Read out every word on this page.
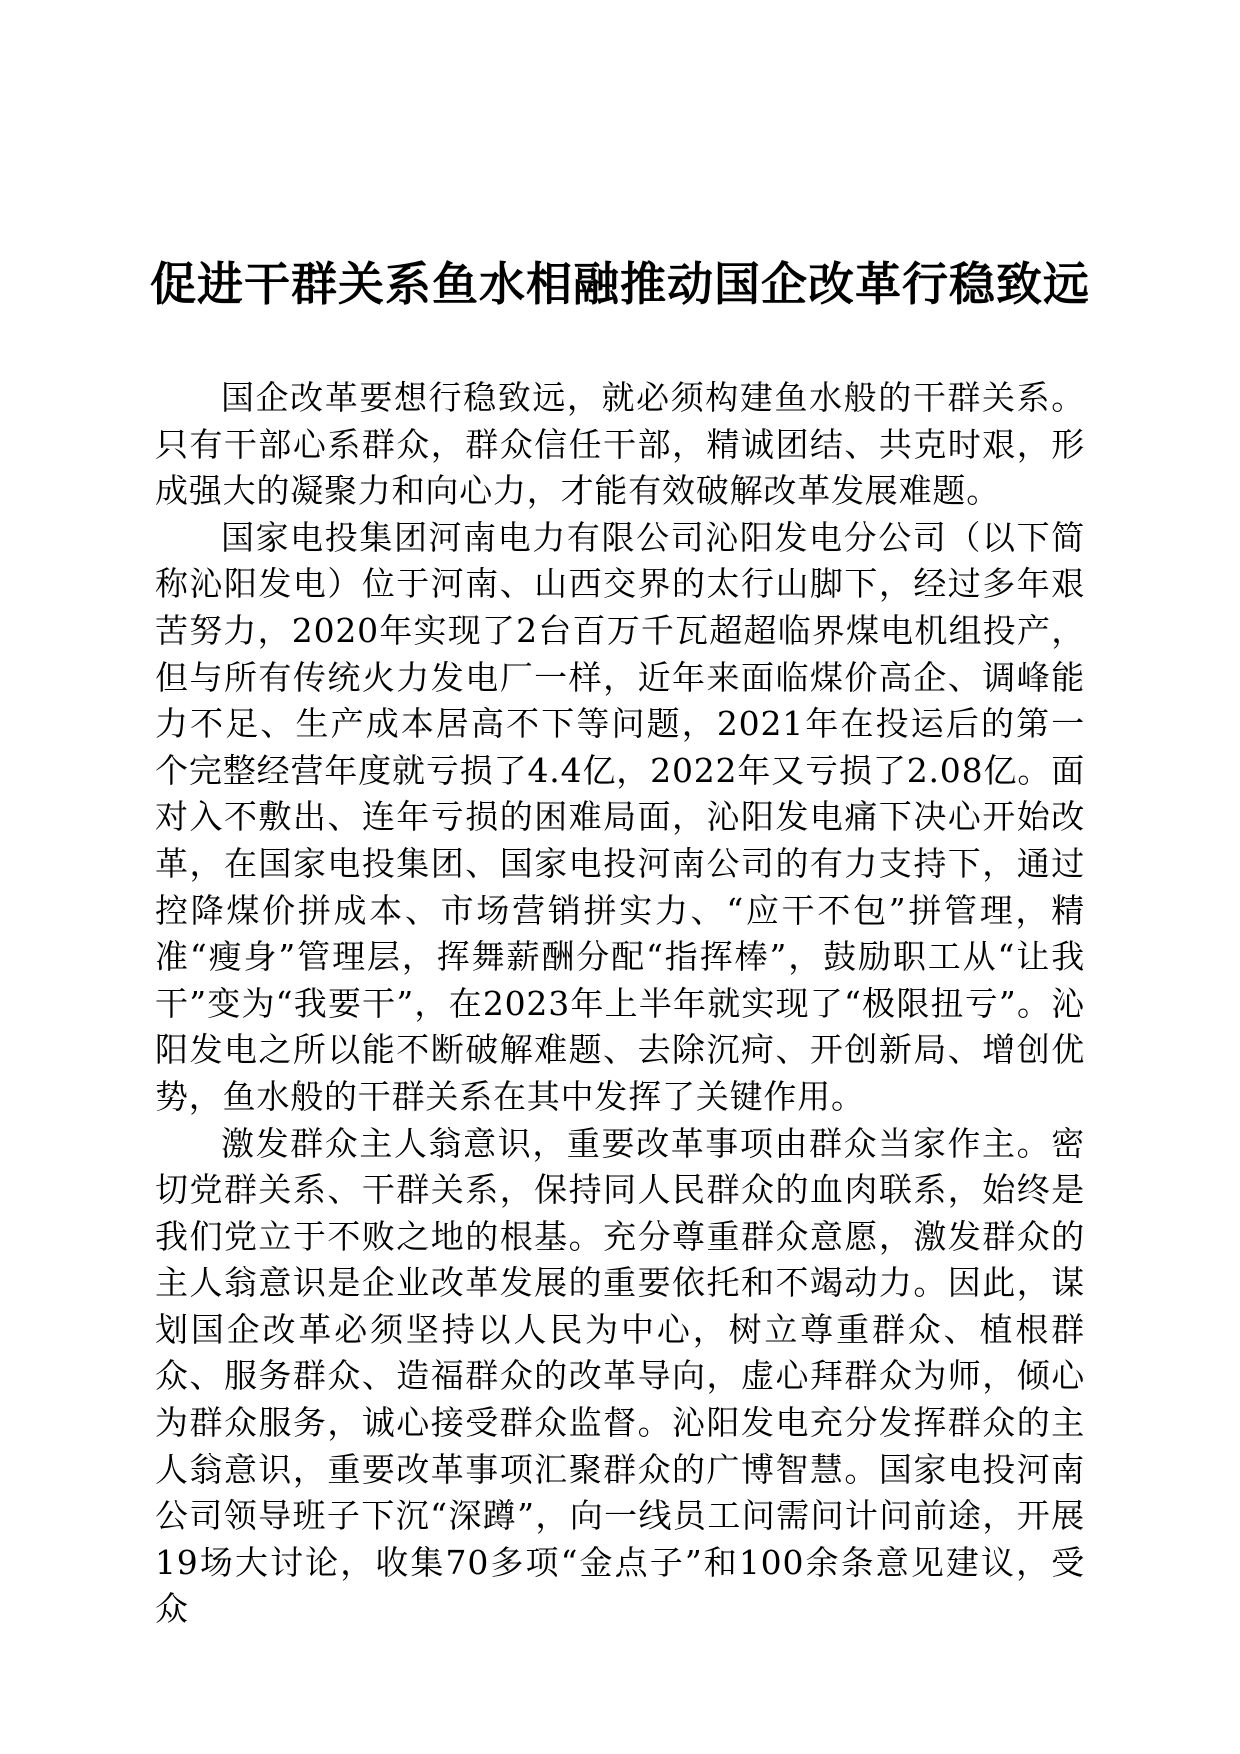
促进干群关系鱼水相融推动国企改革行稳致远

国企改革要想行稳致远，就必须构建鱼水般的干群关系。只有干部心系群众，群众信任干部，精诚团结、共克时艰，形成强大的凝聚力和向心力，才能有效破解改革发展难题。

国家电投集团河南电力有限公司沁阳发电分公司（以下简称沁阳发电）位于河南、山西交界的太行山脚下，经过多年艰苦努力，2020年实现了2台百万千瓦超超临界煤电机组投产，但与所有传统火力发电厂一样，近年来面临煤价高企、调峰能力不足、生产成本居高不下等问题，2021年在投运后的第一个完整经营年度就亏损了4.4亿，2022年又亏损了2.08亿。面对入不敷出、连年亏损的困难局面，沁阳发电痛下决心开始改革，在国家电投集团、国家电投河南公司的有力支持下，通过控降煤价拼成本、市场营销拼实力、“应干不包”拼管理，精准“瘦身”管理层，挥舞薪酬分配“指挥棒”，鼓励职工从“让我干”变为“我要干”，在2023年上半年就实现了“极限扭亏”。沁阳发电之所以能不断破解难题、去除沉疴、开创新局、增创优势，鱼水般的干群关系在其中发挥了关键作用。

激发群众主人翁意识，重要改革事项由群众当家作主。密切党群关系、干群关系，保持同人民群众的血肉联系，始终是我们党立于不败之地的根基。充分尊重群众意愿，激发群众的主人翁意识是企业改革发展的重要依托和不竭动力。因此，谋划国企改革必须坚持以人民为中心，树立尊重群众、植根群众、服务群众、造福群众的改革导向，虚心拜群众为师，倾心为群众服务，诚心接受群众监督。沁阳发电充分发挥群众的主人翁意识，重要改革事项汇聚群众的广博智慧。国家电投河南公司领导班子下沉“深蹲”，向一线员工问需问计问前途，开展19场大讨论，收集70多项“金点子”和100余条意见建议，受众
